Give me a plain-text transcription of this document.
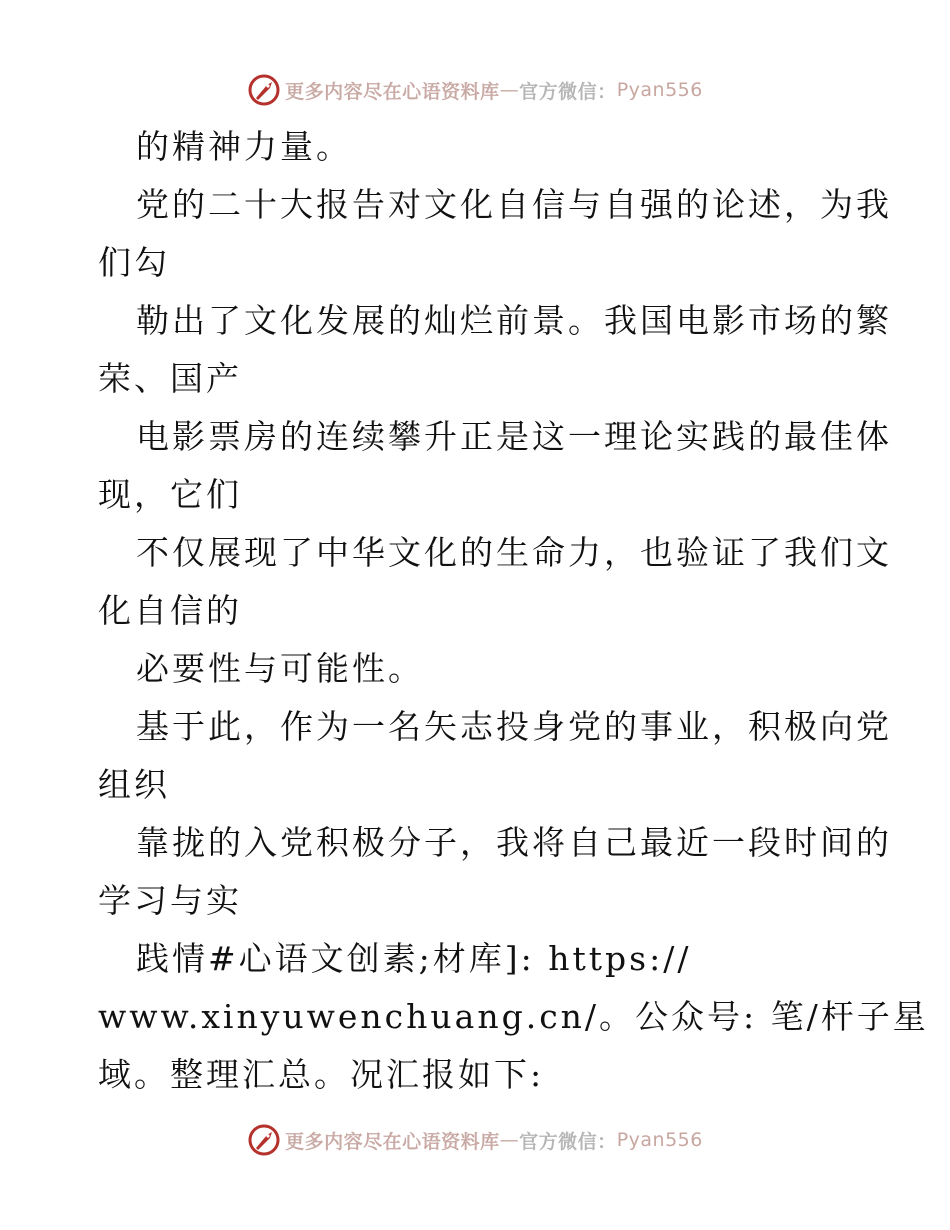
更多内容尽在心语资料库 — 官方微信： Pyan556
的精神力量。
党的二十大报告对文化自信与自强的论述，为我
们勾
勒出了文化发展的灿烂前景。我国电影市场的繁
荣、国产
电影票房的连续攀升正是这一理论实践的最佳体
现，它们
不仅展现了中华文化的生命力，也验证了我们文
化自信的
必要性与可能性。
基于此，作为一名矢志投身党的事业，积极向党
组织
靠拢的入党积极分子，我将自己最近一段时间的
学习与实
践情#心语文创素;材库]: https://
www.xinyuwenchuang.cn/。公众号: 笔/杆子星
域。整理汇总。况汇报如下:
更多内容尽在心语资料库 — 官方微信： Pyan556
